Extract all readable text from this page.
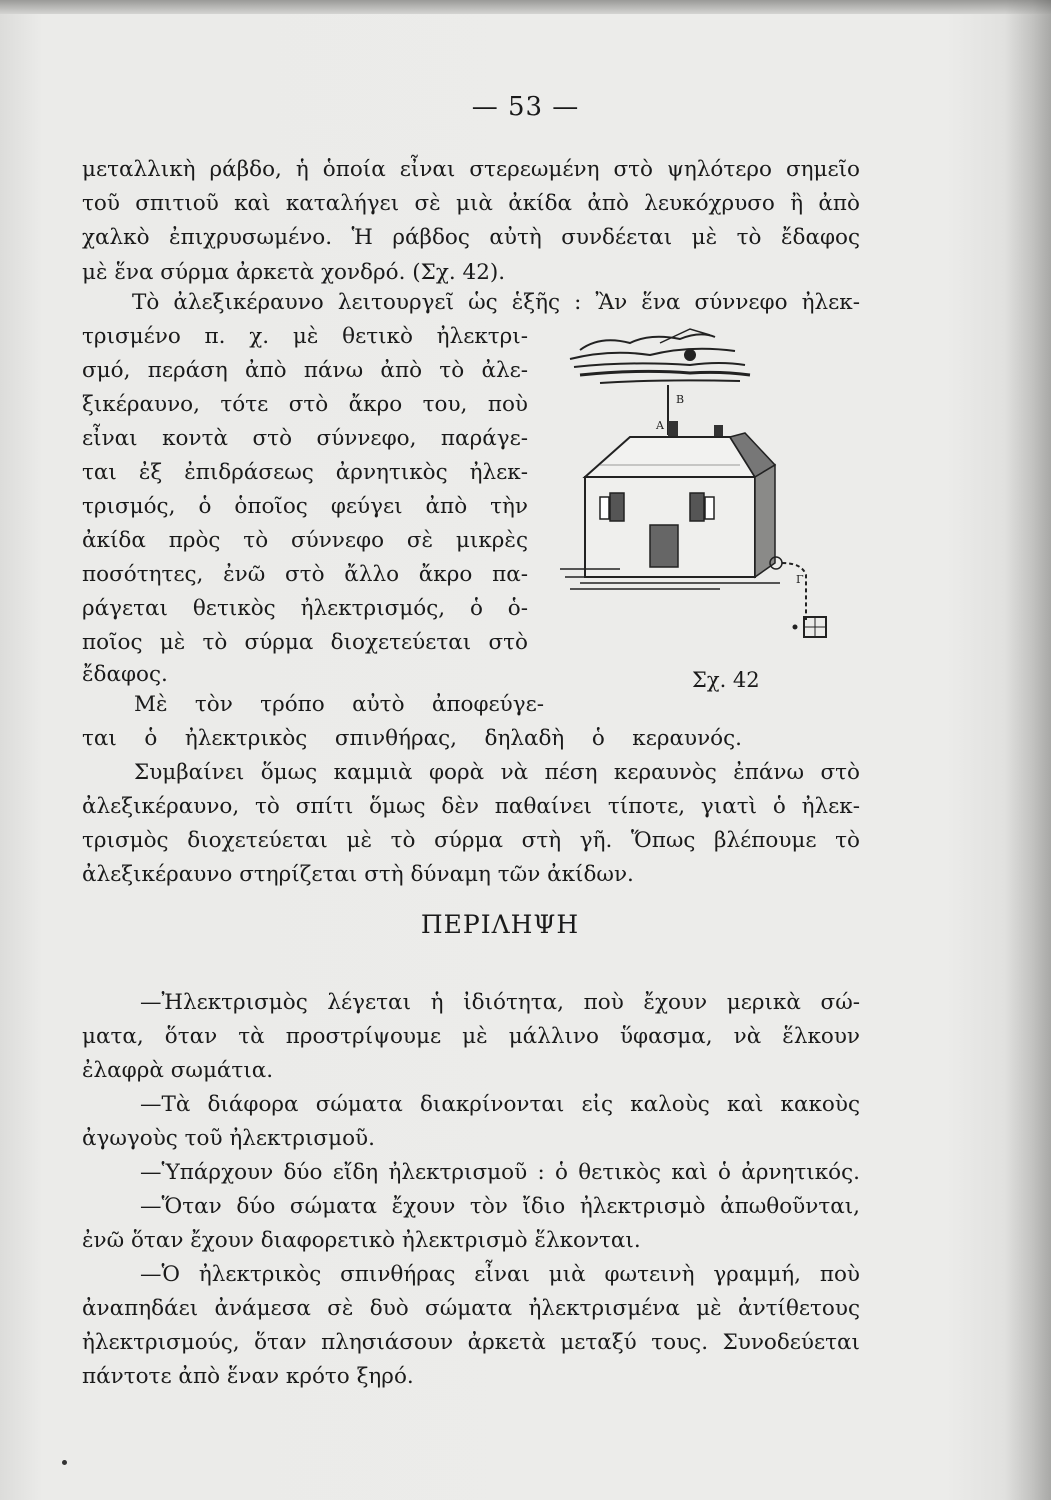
— 53 —
μεταλλικὴ ράβδο, ἡ ὁποία εἶναι στερεωμένη στὸ ψηλότερο σημεῖο
τοῦ σπιτιοῦ καὶ καταλήγει σὲ μιὰ ἀκίδα ἀπὸ λευκόχρυσο ἢ ἀπὸ
χαλκὸ ἐπιχρυσωμένο. Ἡ ράβδος αὐτὴ συνδέεται μὲ τὸ ἔδαφος
μὲ ἕνα σύρμα ἀρκετὰ χονδρό. (Σχ. 42).
Τὸ ἀλεξικέραυνο λειτουργεῖ ὡς ἑξῆς : Ἂν ἕνα σύννεφο ἠλεκ-
τρισμένο π. χ. μὲ θετικὸ ἠλεκτρι-
σμό, περάση ἀπὸ πάνω ἀπὸ τὸ ἀλε-
ξικέραυνο, τότε στὸ ἄκρο του, ποὺ
εἶναι κοντὰ στὸ σύννεφο, παράγε-
ται ἐξ ἐπιδράσεως ἀρνητικὸς ἠλεκ-
τρισμός, ὁ ὁποῖος φεύγει ἀπὸ τὴν
ἀκίδα πρὸς τὸ σύννεφο σὲ μικρὲς
ποσότητες, ἐνῶ στὸ ἄλλο ἄκρο πα-
ράγεται θετικὸς ἠλεκτρισμός, ὁ ὁ-
ποῖος μὲ τὸ σύρμα διοχετεύεται στὸ
ἔδαφος.
Μὲ τὸν τρόπο αὐτὸ ἀποφεύγε-
ται ὁ ἠλεκτρικὸς σπινθήρας, δηλαδὴ ὁ κεραυνός.
Συμβαίνει ὅμως καμμιὰ φορὰ νὰ πέση κεραυνὸς ἐπάνω στὸ
ἀλεξικέραυνο, τὸ σπίτι ὅμως δὲν παθαίνει τίποτε, γιατὶ ὁ ἠλεκ-
τρισμὸς διοχετεύεται μὲ τὸ σύρμα στὴ γῆ. Ὅπως βλέπουμε τὸ
ἀλεξικέραυνο στηρίζεται στὴ δύναμη τῶν ἀκίδων.
ΠΕΡΙΛΗΨΗ
—Ἠλεκτρισμὸς λέγεται ἡ ἰδιότητα, ποὺ ἔχουν μερικὰ σώ-
ματα, ὅταν τὰ προστρίψουμε μὲ μάλλινο ὕφασμα, νὰ ἕλκουν
ἐλαφρὰ σωμάτια.
—Τὰ διάφορα σώματα διακρίνονται εἰς καλοὺς καὶ κακοὺς
ἀγωγοὺς τοῦ ἠλεκτρισμοῦ.
—Ὑπάρχουν δύο εἴδη ἠλεκτρισμοῦ : ὁ θετικὸς καὶ ὁ ἀρνητικός.
—Ὅταν δύο σώματα ἔχουν τὸν ἴδιο ἠλεκτρισμὸ ἀπωθοῦνται,
ἐνῶ ὅταν ἔχουν διαφορετικὸ ἠλεκτρισμὸ ἕλκονται.
—Ὁ ἠλεκτρικὸς σπινθήρας εἶναι μιὰ φωτεινὴ γραμμή, ποὺ
ἀναπηδάει ἀνάμεσα σὲ δυὸ σώματα ἠλεκτρισμένα μὲ ἀντίθετους
ἠλεκτρισμούς, ὅταν πλησιάσουν ἀρκετὰ μεταξύ τους. Συνοδεύεται
πάντοτε ἀπὸ ἕναν κρότο ξηρό.
Β
Α
Γ
Σχ. 42
